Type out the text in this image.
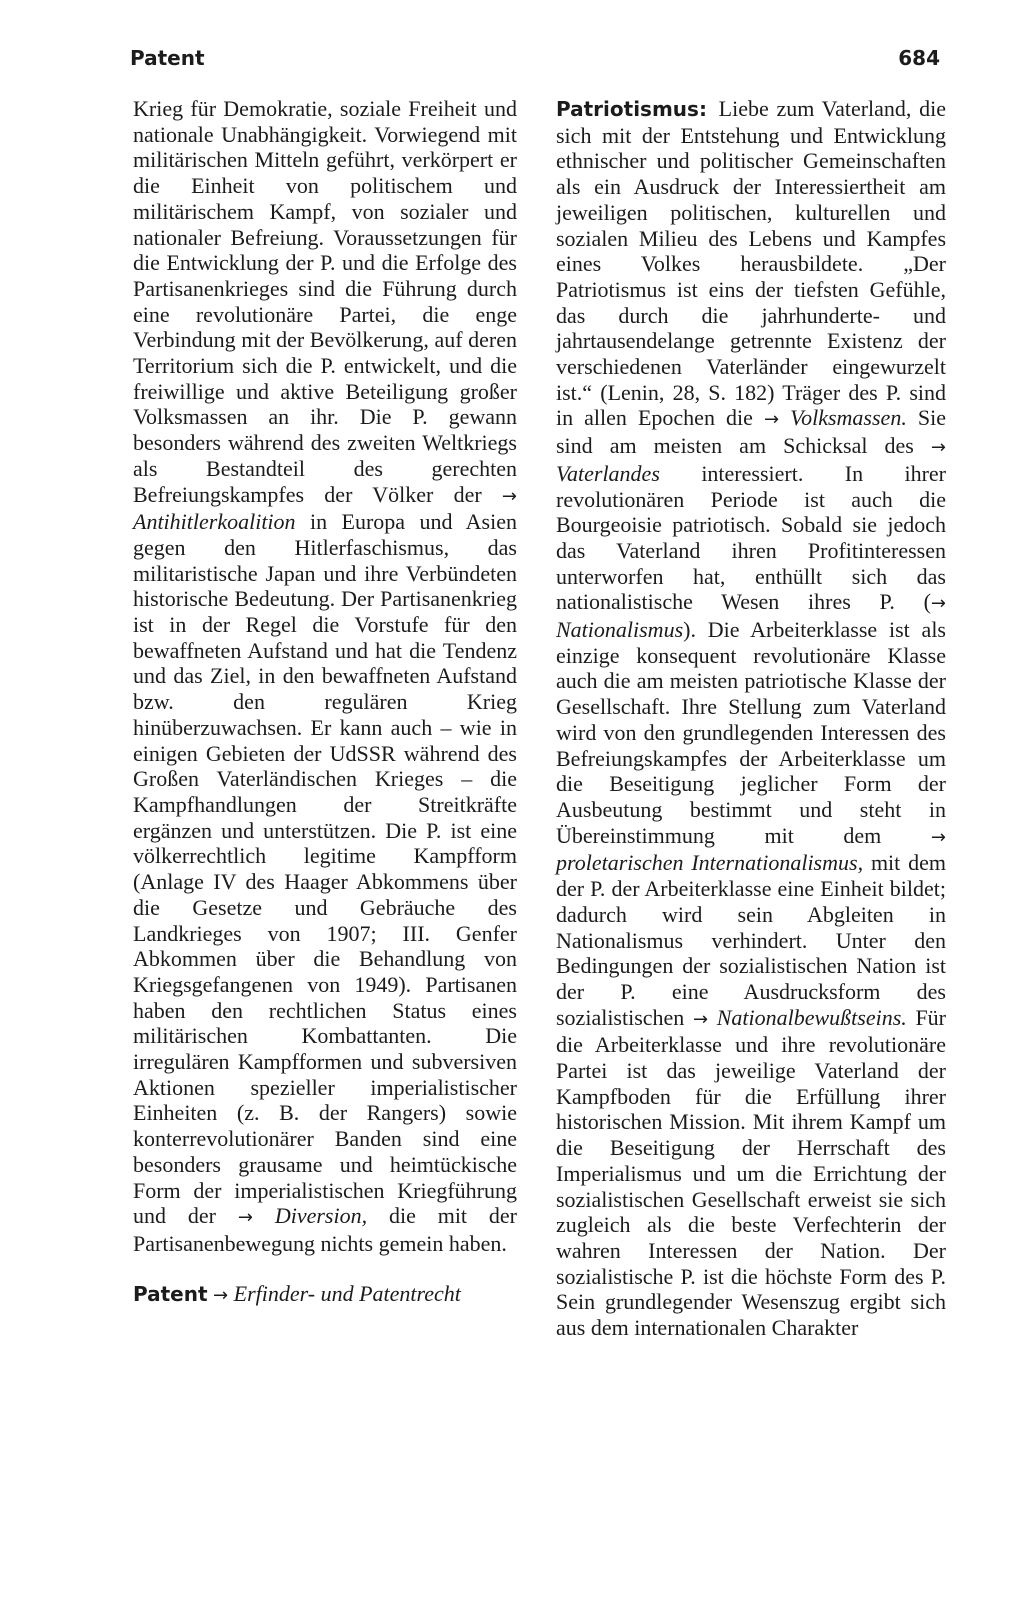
Patent	684

Krieg für Demokratie, soziale Freiheit und nationale Unabhängigkeit. Vorwiegend mit militärischen Mitteln geführt, verkörpert er die Einheit von politischem und militärischem Kampf, von sozialer und nationaler Befreiung. Voraussetzungen für die Entwicklung der P. und die Erfolge des Partisanenkrieges sind die Führung durch eine revolutionäre Partei, die enge Verbindung mit der Bevölkerung, auf deren Territorium sich die P. entwickelt, und die freiwillige und aktive Beteiligung großer Volksmassen an ihr. Die P. gewann besonders während des zweiten Weltkriegs als Bestandteil des gerechten Befreiungskampfes der Völker der → Antihitlerkoalition in Europa und Asien gegen den Hitlerfaschismus, das militaristische Japan und ihre Verbündeten historische Bedeutung. Der Partisanenkrieg ist in der Regel die Vorstufe für den bewaffneten Aufstand und hat die Tendenz und das Ziel, in den bewaffneten Aufstand bzw. den regulären Krieg hinüberzuwachsen. Er kann auch – wie in einigen Gebieten der UdSSR während des Großen Vaterländischen Krieges – die Kampfhandlungen der Streitkräfte ergänzen und unterstützen. Die P. ist eine völkerrechtlich legitime Kampfform (Anlage IV des Haager Abkommens über die Gesetze und Gebräuche des Landkrieges von 1907; III. Genfer Abkommen über die Behandlung von Kriegsgefangenen von 1949). Partisanen haben den rechtlichen Status eines militärischen Kombattanten. Die irregulären Kampfformen und subversiven Aktionen spezieller imperialistischer Einheiten (z. B. der Rangers) sowie konterrevolutionärer Banden sind eine besonders grausame und heimtückische Form der imperialistischen Kriegführung und der → Diversion, die mit der Partisanenbewegung nichts gemein haben.

Patent → Erfinder- und Patentrecht

Patriotismus: Liebe zum Vaterland, die sich mit der Entstehung und Entwicklung ethnischer und politischer Gemeinschaften als ein Ausdruck der Interessiertheit am jeweiligen politischen, kulturellen und sozialen Milieu des Lebens und Kampfes eines Volkes herausbildete. „Der Patriotismus ist eins der tiefsten Gefühle, das durch die jahrhunderte- und jahrtausendelange getrennte Existenz der verschiedenen Vaterländer eingewurzelt ist.“ (Lenin, 28, S. 182) Träger des P. sind in allen Epochen die → Volksmassen. Sie sind am meisten am Schicksal des → Vaterlandes interessiert. In ihrer revolutionären Periode ist auch die Bourgeoisie patriotisch. Sobald sie jedoch das Vaterland ihren Profitinteressen unterworfen hat, enthüllt sich das nationalistische Wesen ihres P. (→ Nationalismus). Die Arbeiterklasse ist als einzige konsequent revolutionäre Klasse auch die am meisten patriotische Klasse der Gesellschaft. Ihre Stellung zum Vaterland wird von den grundlegenden Interessen des Befreiungskampfes der Arbeiterklasse um die Beseitigung jeglicher Form der Ausbeutung bestimmt und steht in Übereinstimmung mit dem	→ proletarischen Internationalismus, mit dem der P. der Arbeiterklasse eine Einheit bildet; dadurch wird sein Abgleiten in Nationalismus verhindert. Unter den Bedingungen der sozialistischen Nation ist der P. eine Ausdrucksform des sozialistischen → Nationalbewußtseins. Für die Arbeiterklasse und ihre revolutionäre Partei ist das jeweilige Vaterland der Kampfboden für die Erfüllung ihrer historischen Mission. Mit ihrem Kampf um die Beseitigung der Herrschaft des Imperialismus und um die Errichtung der sozialistischen Gesellschaft erweist sie sich zugleich als die beste Verfechterin der wahren Interessen der Nation. Der sozialistische P. ist die höchste Form des P. Sein grundlegender Wesenszug ergibt sich aus dem internationalen Charakter
